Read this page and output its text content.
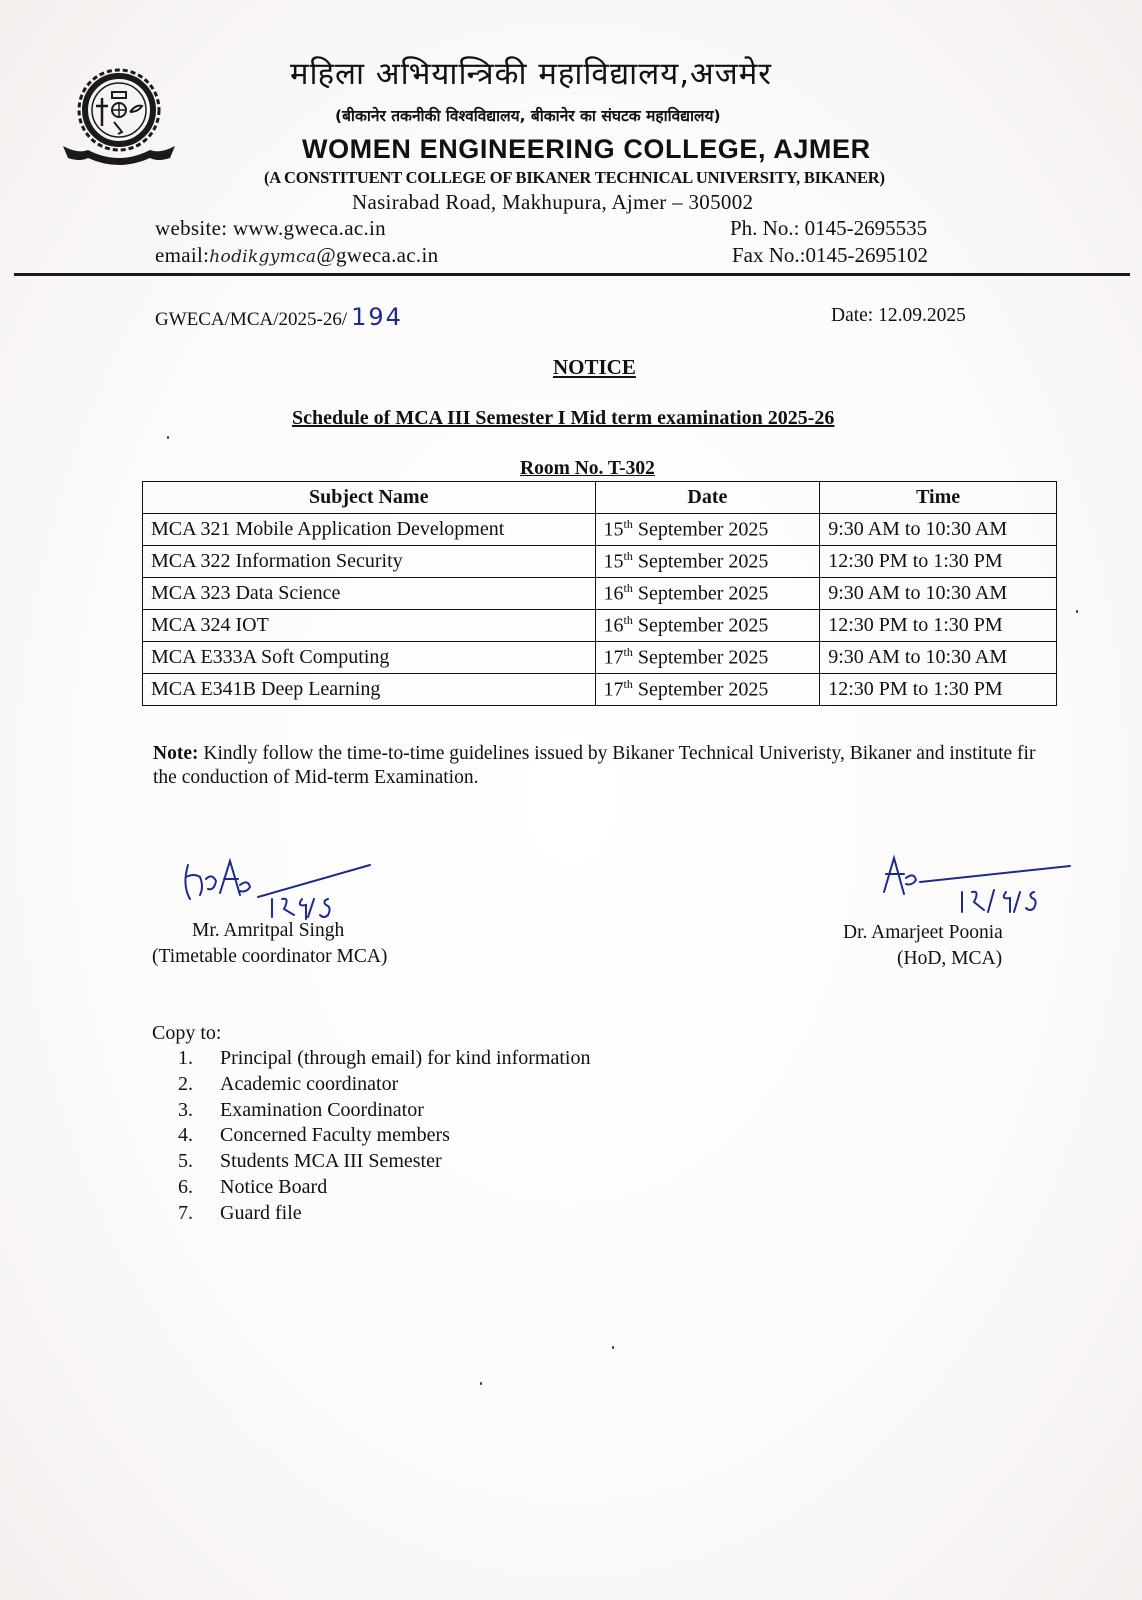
महिला अभियान्त्रिकी महाविद्यालय,अजमेर
(बीकानेर तकनीकी विश्वविद्यालय, बीकानेर का संघटक महाविद्यालय)
WOMEN ENGINEERING COLLEGE, AJMER
(A CONSTITUENT COLLEGE OF BIKANER TECHNICAL UNIVERSITY, BIKANER)
Nasirabad Road, Makhupura, Ajmer – 305002
website: www.gweca.ac.in
email:hodikgymca@gweca.ac.in
Ph. No.: 0145-2695535
Fax No.:0145-2695102
GWECA/MCA/2025-26/ 194	Date: 12.09.2025
NOTICE
Schedule of MCA III Semester I Mid term examination 2025-26
Room No. T-302
Subject Name	Date	Time
MCA 321 Mobile Application Development	15th September 2025	9:30 AM to 10:30 AM
MCA 322 Information Security	15th September 2025	12:30 PM to 1:30 PM
MCA 323 Data Science	16th September 2025	9:30 AM to 10:30 AM
MCA 324 IOT	16th September 2025	12:30 PM to 1:30 PM
MCA E333A Soft Computing	17th September 2025	9:30 AM to 10:30 AM
MCA E341B Deep Learning	17th September 2025	12:30 PM to 1:30 PM
Note: Kindly follow the time-to-time guidelines issued by Bikaner Technical Univeristy, Bikaner and institute fir the conduction of Mid-term Examination.
Mr. Amritpal Singh
(Timetable coordinator MCA)
Dr. Amarjeet Poonia
(HoD, MCA)
Copy to:
1. Principal (through email) for kind information
2. Academic coordinator
3. Examination Coordinator
4. Concerned Faculty members
5. Students MCA III Semester
6. Notice Board
7. Guard file
